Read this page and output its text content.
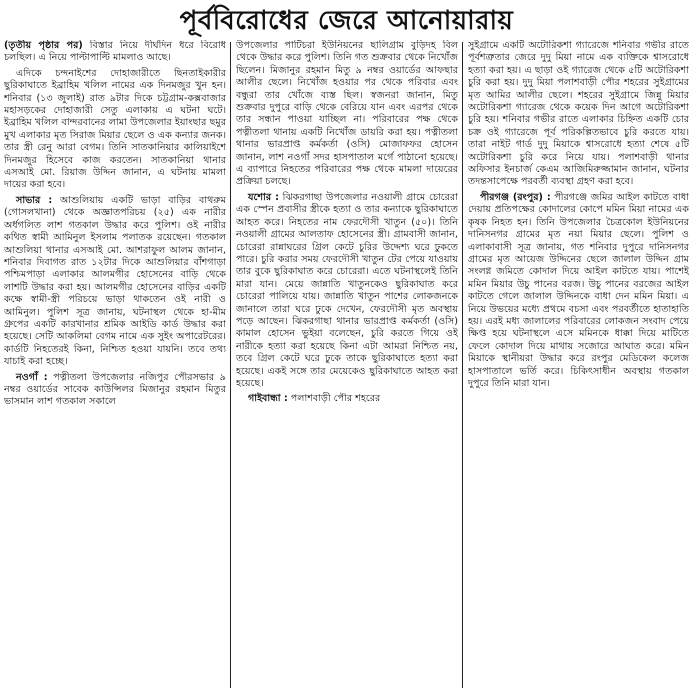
পূর্ববিরোধের জেরে আনোয়ারায়

(তৃতীয় পৃষ্ঠার পর) বিস্তার নিয়ে দীর্ঘদিন ধরে বিরোধ চলছিল। এ নিয়ে পাল্টাপাল্টি মামলাও আছে।

এদিকে চন্দনাইশের দোহাজারীতে ছিনতাইকারীর ছুরিকাঘাতে ইব্রাহিম খলিল নামের এক দিনমজুর খুন হন। শনিবার (১৩ জুলাই) রাত ৯টার দিকে চট্টগ্রাম-কক্সবাজার মহাসড়কের দোহাজারী সেতু এলাকায় এ ঘটনা ঘটে। ইব্রাহিম খলিল বান্দরবানের লামা উপজেলার ইয়াংছার ছমুর মুখ এলাকার মৃত সিরাজ মিয়ার ছেলে ও এক কন্যার জনক। তার স্ত্রী রেনু আরা বেগম। তিনি সাতকানিয়ার কালিয়াইশে দিনমজুর হিসেবে কাজ করতেন। সাতকানিয়া থানার এসআই মো. রিয়াজ উদ্দিন জানান, এ ঘটনায় মামলা দায়ের করা হবে।

সাভার : আশুলিয়ায় একটি ভাড়া বাড়ির বাথরুম (গোসলখানা) থেকে অজ্ঞাতপরিচয় (২৫) এক নারীর অর্ধগলিত লাশ গতকাল উদ্ধার করে পুলিশ। ওই নারীর কথিত স্বামী আমিনুল ইসলাম পলাতক রয়েছেন। গতকাল আশুলিয়া থানার এসআই মো. আশরাফুল আলম জানান, শনিবার দিবাগত রাত ১২টার দিকে আশুলিয়ার বাঁশগাড়া পশ্চিমপাড়া এলাকার আলমগীর হোসেনের বাড়ি থেকে লাশটি উদ্ধার করা হয়। আলমগীর হোসেনের বাড়ির একটি কক্ষে স্বামী-স্ত্রী পরিচয়ে ভাড়া থাকতেন ওই নারী ও আমিনুল। পুলিশ সূত্র জানায়, ঘটনাস্থল থেকে হা-মীম গ্রুপের একটি কারখানার শ্রমিক আইডি কার্ড উদ্ধার করা হয়েছে। সেটি আকলিমা বেগম নামে এক সুইং অপারেটরের। কার্ডটি নিহতেরই কিনা, নিশ্চিত হওয়া যায়নি। তবে তথ্য যাচাই করা হচ্ছে।

নওগাঁ : পত্নীতলা উপজেলার নজিপুর পৌরসভার ৯ নম্বর ওয়ার্ডের সাবেক কাউন্সিলর মিজানুর রহমান মিতুর ভাসমান লাশ গতকাল সকালে

উপজেলার পাটিচরা ইউনিয়নের ছালিগ্রাম বুড়িদহ বিল থেকে উদ্ধার করে পুলিশ। তিনি গত শুক্রবার থেকে নিখোঁজ ছিলেন। মিজানুর রহমান মিতু ৯ নম্বর ওয়ার্ডের আফছার আলীর ছেলে। নিখোঁজ হওয়ার পর থেকে পরিবার এবং বন্ধুরা তার খোঁজে ব্যস্ত ছিল। স্বজনরা জানান, মিতু শুক্রবার দুপুরে বাড়ি থেকে বেরিয়ে যান এবং এরপর থেকে তার সন্ধান পাওয়া যাচ্ছিল না। পরিবারের পক্ষ থেকে পত্নীতলা থানায় একটি নিখোঁজ ডায়রি করা হয়। পত্নীতলা থানার ভারপ্রাপ্ত কর্মকর্তা (ওসি) মোজাফফর হোসেন জানান, লাশ নওগাঁ সদর হাসপাতাল মর্গে পাঠানো হয়েছে। এ ব্যাপারে নিহতের পরিবারের পক্ষ থেকে মামলা দায়েরের প্রক্রিয়া চলছে।

যশোর : ঝিকরগাছা উপজেলার নওয়ালী গ্রামে চোরেরা এক স্পেন প্রবাসীর স্ত্রীকে হত্যা ও তার কন্যাকে ছুরিকাঘাতে আহত করে। নিহতের নাম ফেরদৌসী খাতুন (৫০)। তিনি নওয়ালী গ্রামের আলতাফ হোসেনের স্ত্রী। গ্রামবাসী জানান, চোরেরা রান্নাঘরের গ্রিল কেটে চুরির উদ্দেশ্য ঘরে ঢুকতে পারে। চুরি করার সময় ফেরদৌসী খাতুন টের পেয়ে যাওয়ায় তার বুকে ছুরিকাঘাত করে চোরেরা। এতে ঘটনাস্থলেই তিনি মারা যান। মেয়ে জান্নাতি খাতুনকেও ছুরিকাঘাত করে চোরেরা পালিয়ে যায়। জান্নাতি খাতুন পাশের লোকজনকে জানালে তারা ঘরে ঢুকে দেখেন, ফেরদৌসী মৃত অবস্থায় পড়ে আছেন। ঝিকরগাছা থানার ভারপ্রাপ্ত কর্মকর্তা (ওসি) কামাল হোসেন ভুইয়া বলেছেন, চুরি করতে গিয়ে ওই নারীকে হত্যা করা হয়েছে কিনা এটা আমরা নিশ্চিত নয়, তবে গ্রিল কেটে ঘরে ঢুকে তাকে ছুরিকাঘাতে হত্যা করা হয়েছে। একই সঙ্গে তার মেয়েকেও ছুরিকাঘাতে আহত করা হয়েছে।

গাইবান্ধা : পলাশবাড়ী পৌর শহরের

সুইগ্রামে একটি অটোরিকশা গ্যারেজে শনিবার গভীর রাতে পূর্বশত্রুতার জেরে দুদু মিয়া নামে এক ব্যক্তিকে শ্বাসরোধে হত্যা করা হয়। এ ছাড়া ওই গ্যারেজ থেকে ৫টি অটোরিকশা চুরি করা হয়। দুদু মিয়া পলাশবাড়ী পৌর শহরের সুইগ্রামের মৃত আমির আলীর ছেলে। শহরের সুইগ্রামে জিন্নু মিয়ার অটোরিকশা গ্যারেজ থেকে কয়েক দিন আগে অটোরিকশা চুরি হয়। শনিবার গভীর রাতে এলাকার চিহ্নিত একটি চোর চক্র ওই গ্যারেজে পূর্ব পরিকল্পিতভাবে চুরি করতে যায়। তারা নাইট গার্ড দুদু মিয়াকে শ্বাসরোধে হত্যা শেষে ৫টি অটোরিকশা চুরি করে নিয়ে যায়। পলাশবাড়ী থানার অফিসার ইনচার্জ কেএম আজিমিরুজ্জামান জানান, ঘটনার তদন্তসাপেক্ষে পরবর্তী ব্যবস্থা গ্রহণ করা হবে।

পীরগঞ্জ (রংপুর) : পীরগঞ্জে জমির আইল কাটতে বাধা দেয়ায় প্রতিপক্ষের কোদালের কোপে মমিন মিয়া নামের এক কৃষক নিহত হন। তিনি উপজেলার চৈত্রকোল ইউনিয়নের দানিসনগর গ্রামের মৃত নয়া মিয়ার ছেলে। পুলিশ ও এলাকাবাসী সূত্র জানায়, গত শনিবার দুপুরে দানিসনগর গ্রামের মৃত আয়েজ উদ্দিনের ছেলে জালাল উদ্দিন গ্রাম সংলগ্ন জমিতে কোদাল দিয়ে আইল কাটতে যায়। পাশেই মমিন মিয়ার উচু পানের বরজ। উচু পানের বরজের আইল কাটতে গেলে জালাল উদ্দিনকে বাধা দেন মমিন মিয়া। এ নিয়ে উভয়ের মধ্যে প্রথমে বচসা এবং পরবর্তীতে হাতাহাতি হয়। এরই মধ্য জালালের পরিবারের লোকজন সংবাদ পেয়ে ক্ষিপ্ত হয়ে ঘটনাস্থলে এসে মমিনকে ধাক্কা দিয়ে মাটিতে ফেলে কোদাল দিয়ে মাথায় সজোরে আঘাত করে। মমিন মিয়াকে স্থানীয়রা উদ্ধার করে রংপুর মেডিকেল কলেজ হাসপাতালে ভর্তি করে। চিকিৎসাধীন অবস্থায় গতকাল দুপুরে তিনি মারা যান।
